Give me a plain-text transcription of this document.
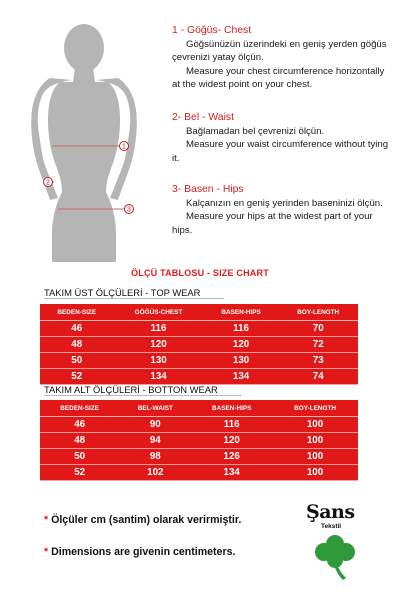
1
2
3
1 - Göğüs- Chest

Göğsünüzün üzerindeki en geniş yerden göğüs çevrenizi yatay ölçün.

Measure your chest circumference horizontally at the widest point on your chest.

2- Bel - Waist

Bağlamadan bel çevrenizi ölçün.

Measure your waist circumference without tying it.

3- Basen - Hips

Kalçanızın en geniş yerinden baseninizi ölçün.

Measure your hips at the widest part of your hips.

ÖLÇÜ TABLOSU - SIZE CHART
TAKIM ÜST ÖLÇÜLERİ - TOP WEAR
BEDEN-SIZE	GÖĞÜS-CHEST	BASEN-HIPS	BOY-LENGTH
46	116	116	70
48	120	120	72
50	130	130	73
52	134	134	74
TAKIM ALT ÖLÇÜLERİ - BOTTON WEAR
BEDEN-SIZE	BEL-WAIST	BASEN-HIPS	BOY-LENGTH
46	90	116	100
48	94	120	100
50	98	126	100
52	102	134	100
* Ölçüler cm (santim) olarak verirmiştir.
* Dimensions are givenin centimeters.
Şans
Tekstil
